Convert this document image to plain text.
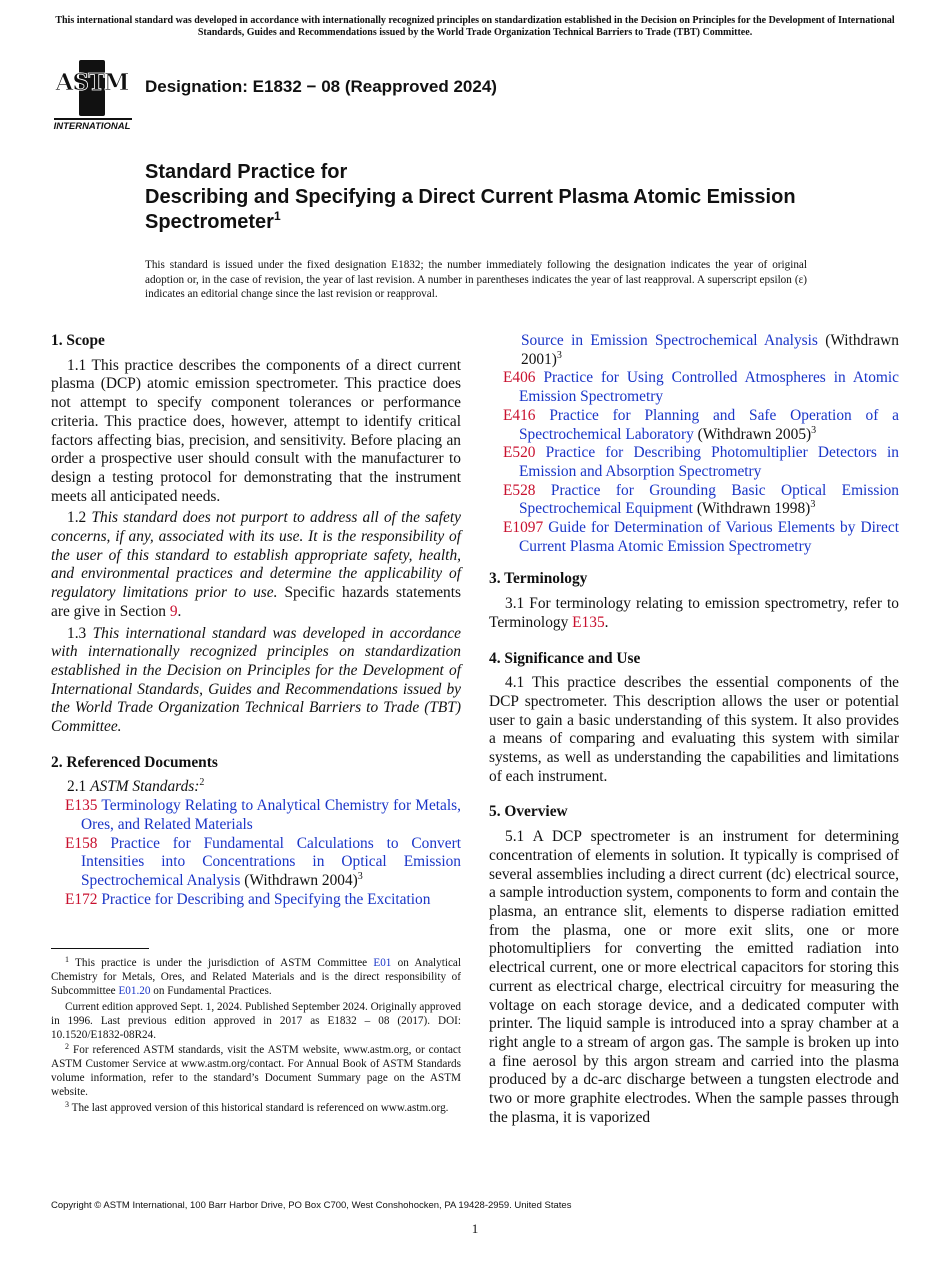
This international standard was developed in accordance with internationally recognized principles on standardization established in the Decision on Principles for the Development of International Standards, Guides and Recommendations issued by the World Trade Organization Technical Barriers to Trade (TBT) Committee.
ASTM
INTERNATIONAL
Designation: E1832 − 08 (Reapproved 2024)
Standard Practice for
Describing and Specifying a Direct Current Plasma Atomic Emission Spectrometer$^1$
This standard is issued under the fixed designation E1832; the number immediately following the designation indicates the year of original adoption or, in the case of revision, the year of last revision. A number in parentheses indicates the year of last reapproval. A superscript epsilon (ε) indicates an editorial change since the last revision or reapproval.
1. Scope

1.1 This practice describes the components of a direct current plasma (DCP) atomic emission spectrometer. This practice does not attempt to specify component tolerances or performance criteria. This practice does, however, attempt to identify critical factors affecting bias, precision, and sensitivity. Before placing an order a prospective user should consult with the manufacturer to design a testing protocol for demonstrating that the instrument meets all anticipated needs.

1.2 This standard does not purport to address all of the safety concerns, if any, associated with its use. It is the responsibility of the user of this standard to establish appropriate safety, health, and environmental practices and determine the applicability of regulatory limitations prior to use. Specific hazards statements are give in Section 9.

1.3 This international standard was developed in accordance with internationally recognized principles on standardization established in the Decision on Principles for the Development of International Standards, Guides and Recommendations issued by the World Trade Organization Technical Barriers to Trade (TBT) Committee.

2. Referenced Documents
2.1 ASTM Standards:$^2$

E135 Terminology Relating to Analytical Chemistry for Metals, Ores, and Related Materials

E158 Practice for Fundamental Calculations to Convert Intensities into Concentrations in Optical Emission Spectrochemical Analysis (Withdrawn 2004)$^3$

E172 Practice for Describing and Specifying the Excitation

$^1$ This practice is under the jurisdiction of ASTM Committee E01 on Analytical Chemistry for Metals, Ores, and Related Materials and is the direct responsibility of Subcommittee E01.20 on Fundamental Practices.

Current edition approved Sept. 1, 2024. Published September 2024. Originally approved in 1996. Last previous edition approved in 2017 as E1832 – 08 (2017). DOI: 10.1520/E1832-08R24.

$^2$ For referenced ASTM standards, visit the ASTM website, www.astm.org, or contact ASTM Customer Service at www.astm.org/contact. For Annual Book of ASTM Standards volume information, refer to the standard’s Document Summary page on the ASTM website.

$^3$ The last approved version of this historical standard is referenced on www.astm.org.

Source in Emission Spectrochemical Analysis (Withdrawn 2001)$^3$

E406 Practice for Using Controlled Atmospheres in Atomic Emission Spectrometry

E416 Practice for Planning and Safe Operation of a Spectrochemical Laboratory (Withdrawn 2005)$^3$

E520 Practice for Describing Photomultiplier Detectors in Emission and Absorption Spectrometry

E528 Practice for Grounding Basic Optical Emission Spectrochemical Equipment (Withdrawn 1998)$^3$

E1097 Guide for Determination of Various Elements by Direct Current Plasma Atomic Emission Spectrometry

3. Terminology

3.1 For terminology relating to emission spectrometry, refer to Terminology E135.

4. Significance and Use

4.1 This practice describes the essential components of the DCP spectrometer. This description allows the user or potential user to gain a basic understanding of this system. It also provides a means of comparing and evaluating this system with similar systems, as well as understanding the capabilities and limitations of each instrument.

5. Overview

5.1 A DCP spectrometer is an instrument for determining concentration of elements in solution. It typically is comprised of several assemblies including a direct current (dc) electrical source, a sample introduction system, components to form and contain the plasma, an entrance slit, elements to disperse radiation emitted from the plasma, one or more exit slits, one or more photomultipliers for converting the emitted radiation into electrical current, one or more electrical capacitors for storing this current as electrical charge, electrical circuitry for measuring the voltage on each storage device, and a dedicated computer with printer. The liquid sample is introduced into a spray chamber at a right angle to a stream of argon gas. The sample is broken up into a fine aerosol by this argon stream and carried into the plasma produced by a dc-arc discharge between a tungsten electrode and two or more graphite electrodes. When the sample passes through the plasma, it is vaporized

Copyright © ASTM International, 100 Barr Harbor Drive, PO Box C700, West Conshohocken, PA 19428-2959. United States
1
